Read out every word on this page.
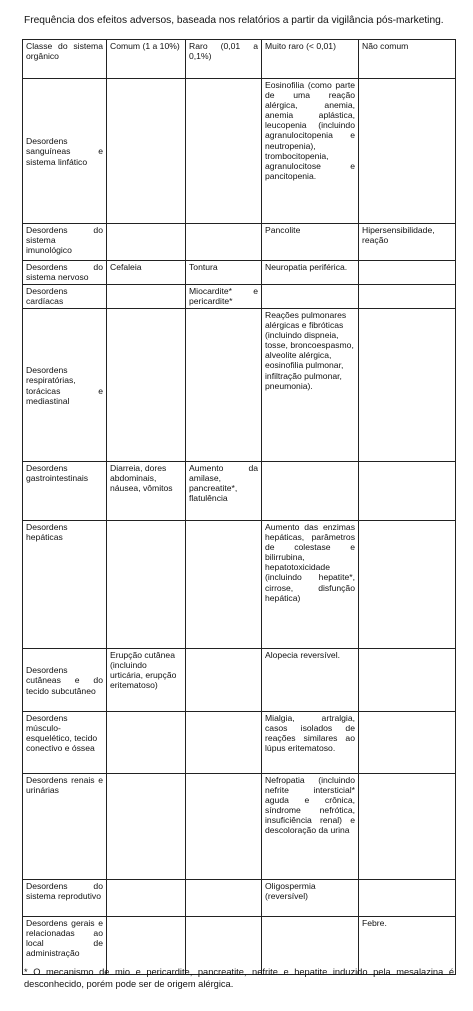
Frequência dos efeitos adversos, baseada nos relatórios a partir da vigilância pós-marketing.
Classe do sistema orgânico	Comum (1 a 10%)	Raro (0,01 a 0,1%)	Muito raro (< 0,01)	Não comum
Desordens sanguíneas e sistema linfático			Eosinofilia (como parte de uma reação alérgica, anemia, anemia aplástica, leucopenia (incluindo agranulocitopenia e neutropenia), trombocitopenia, agranulocitose e pancitopenia.	
Desordens do sistema imunológico			Pancolite	Hipersensibilidade, reação
Desordens do sistema nervoso	Cefaleia	Tontura	Neuropatia periférica.	
Desordens cardíacas		Miocardite* e pericardite*		
Desordens respiratórias, torácicas e mediastinal			Reações pulmonares alérgicas e fibróticas (incluindo dispneia, tosse, broncoespasmo, alveolite alérgica, eosinofilia pulmonar, infiltração pulmonar, pneumonia).	
Desordens gastrointestinais	Diarreia, dores abdominais, náusea, vômitos	Aumento da amilase, pancreatite*, flatulência		
Desordens hepáticas			Aumento das enzimas hepáticas, parâmetros de colestase e bilirrubina, hepatotoxicidade (incluindo hepatite*, cirrose, disfunção hepática)	
Desordens cutâneas e do tecido subcutâneo	Erupção cutânea (incluindo urticária, erupção eritematoso)		Alopecia reversível.	
Desordens músculo-esquelético, tecido conectivo e óssea			Mialgia, artralgia, casos isolados de reações similares ao lúpus eritematoso.	
Desordens renais e urinárias			Nefropatia (incluindo nefrite intersticial* aguda e crônica, síndrome nefrótica, insuficiência renal) e descoloração da urina	
Desordens do sistema reprodutivo			Oligospermia (reversível)	
Desordens gerais e relacionadas ao local de administração				Febre.
* O mecanismo de mio e pericardite, pancreatite, nefrite e hepatite induzido pela mesalazina é desconhecido, porém pode ser de origem alérgica.
